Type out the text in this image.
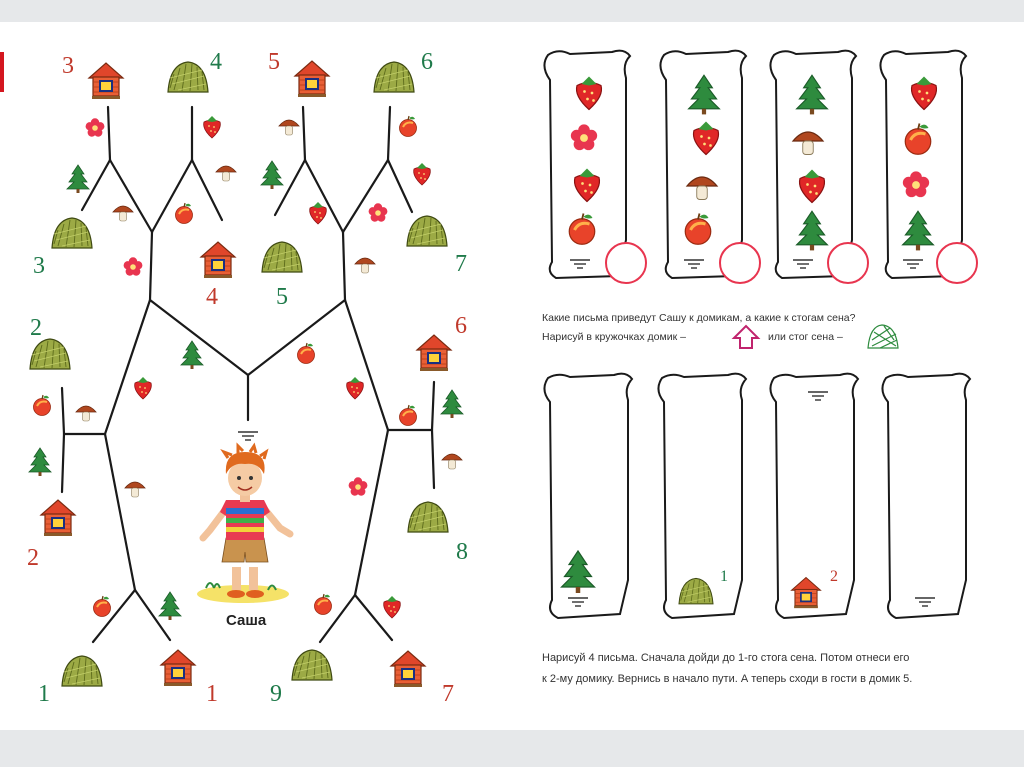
3	4 5	6
3
4 5
7
2	6
2	8
1	1 9	7
Саша
Какие письма приведут Сашу к домикам, а какие к стогам сена?
Нарисуй в кружочках домик –	или стог сена –
1	2
Нарисуй 4 письма. Сначала дойди до 1-го стога сена. Потом отнеси его
к 2-му домику. Вернись в начало пути. А теперь сходи в гости в домик 5.
